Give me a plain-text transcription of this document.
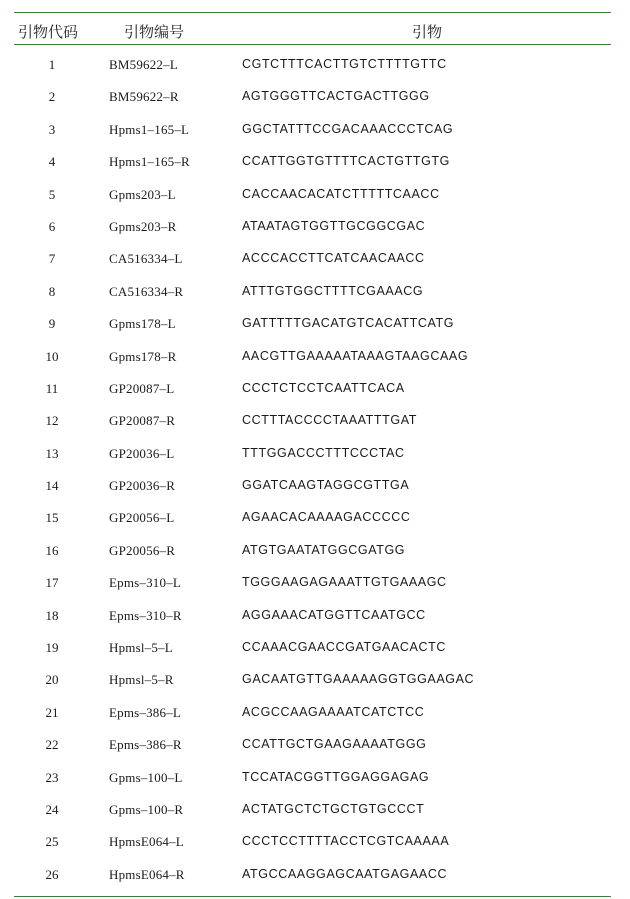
引物代码	引物编号	引物
1	BM59622–L	CGTCTTTCACTTGTCTTTTGTTC
2	BM59622–R	AGTGGGTTCACTGACTTGGG
3	Hpms1–165–L	GGCTATTTCCGACAAACCCTCAG
4	Hpms1–165–R	CCATTGGTGTTTTCACTGTTGTG
5	Gpms203–L	CACCAACACATCTTTTTCAACC
6	Gpms203–R	ATAATAGTGGTTGCGGCGAC
7	CA516334–L	ACCCACCTTCATCAACAACC
8	CA516334–R	ATTTGTGGCTTTTCGAAACG
9	Gpms178–L	GATTTTTGACATGTCACATTCATG
10	Gpms178–R	AACGTTGAAAAATAAAGTAAGCAAG
11	GP20087–L	CCCTCTCCTCAATTCACA
12	GP20087–R	CCTTTACCCCTAAATTTGAT
13	GP20036–L	TTTGGACCCTTTCCCTAC
14	GP20036–R	GGATCAAGTAGGCGTTGA
15	GP20056–L	AGAACACAAAAGACCCCC
16	GP20056–R	ATGTGAATATGGCGATGG
17	Epms–310–L	TGGGAAGAGAAATTGTGAAAGC
18	Epms–310–R	AGGAAACATGGTTCAATGCC
19	Hpmsl–5–L	CCAAACGAACCGATGAACACTC
20	Hpmsl–5–R	GACAATGTTGAAAAAGGTGGAAGAC
21	Epms–386–L	ACGCCAAGAAAATCATCTCC
22	Epms–386–R	CCATTGCTGAAGAAAATGGG
23	Gpms–100–L	TCCATACGGTTGGAGGAGAG
24	Gpms–100–R	ACTATGCTCTGCTGTGCCCT
25	HpmsE064–L	CCCTCCTTTTACCTCGTCAAAAA
26	HpmsE064–R	ATGCCAAGGAGCAATGAGAACC
